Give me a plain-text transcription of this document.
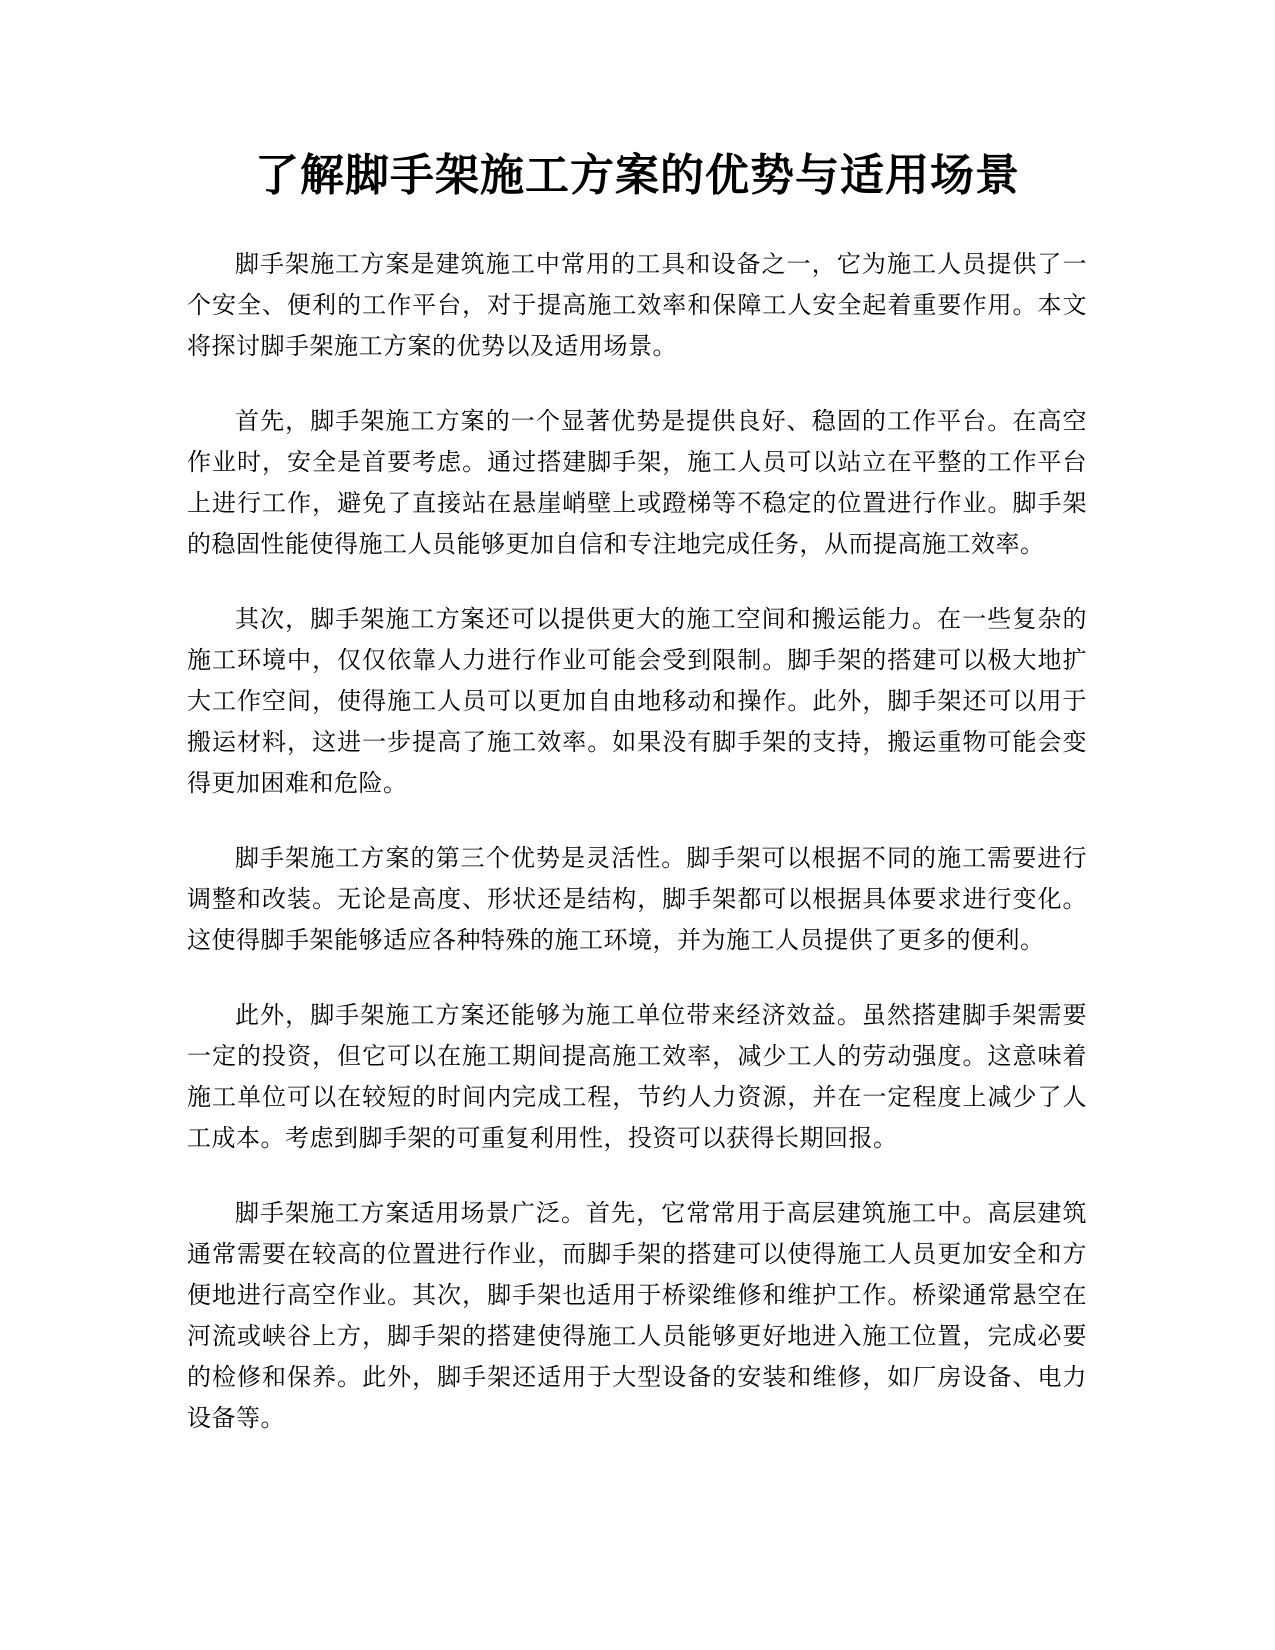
了解脚手架施工方案的优势与适用场景

脚手架施工方案是建筑施工中常用的工具和设备之一，它为施工人员提供了一个安全、便利的工作平台，对于提高施工效率和保障工人安全起着重要作用。本文将探讨脚手架施工方案的优势以及适用场景。

首先，脚手架施工方案的一个显著优势是提供良好、稳固的工作平台。在高空作业时，安全是首要考虑。通过搭建脚手架，施工人员可以站立在平整的工作平台上进行工作，避免了直接站在悬崖峭壁上或蹬梯等不稳定的位置进行作业。脚手架的稳固性能使得施工人员能够更加自信和专注地完成任务，从而提高施工效率。

其次，脚手架施工方案还可以提供更大的施工空间和搬运能力。在一些复杂的施工环境中，仅仅依靠人力进行作业可能会受到限制。脚手架的搭建可以极大地扩大工作空间，使得施工人员可以更加自由地移动和操作。此外，脚手架还可以用于搬运材料，这进一步提高了施工效率。如果没有脚手架的支持，搬运重物可能会变得更加困难和危险。

脚手架施工方案的第三个优势是灵活性。脚手架可以根据不同的施工需要进行调整和改装。无论是高度、形状还是结构，脚手架都可以根据具体要求进行变化。这使得脚手架能够适应各种特殊的施工环境，并为施工人员提供了更多的便利。

此外，脚手架施工方案还能够为施工单位带来经济效益。虽然搭建脚手架需要一定的投资，但它可以在施工期间提高施工效率，减少工人的劳动强度。这意味着施工单位可以在较短的时间内完成工程，节约人力资源，并在一定程度上减少了人工成本。考虑到脚手架的可重复利用性，投资可以获得长期回报。

脚手架施工方案适用场景广泛。首先，它常常用于高层建筑施工中。高层建筑通常需要在较高的位置进行作业，而脚手架的搭建可以使得施工人员更加安全和方便地进行高空作业。其次，脚手架也适用于桥梁维修和维护工作。桥梁通常悬空在河流或峡谷上方，脚手架的搭建使得施工人员能够更好地进入施工位置，完成必要的检修和保养。此外，脚手架还适用于大型设备的安装和维修，如厂房设备、电力设备等。
